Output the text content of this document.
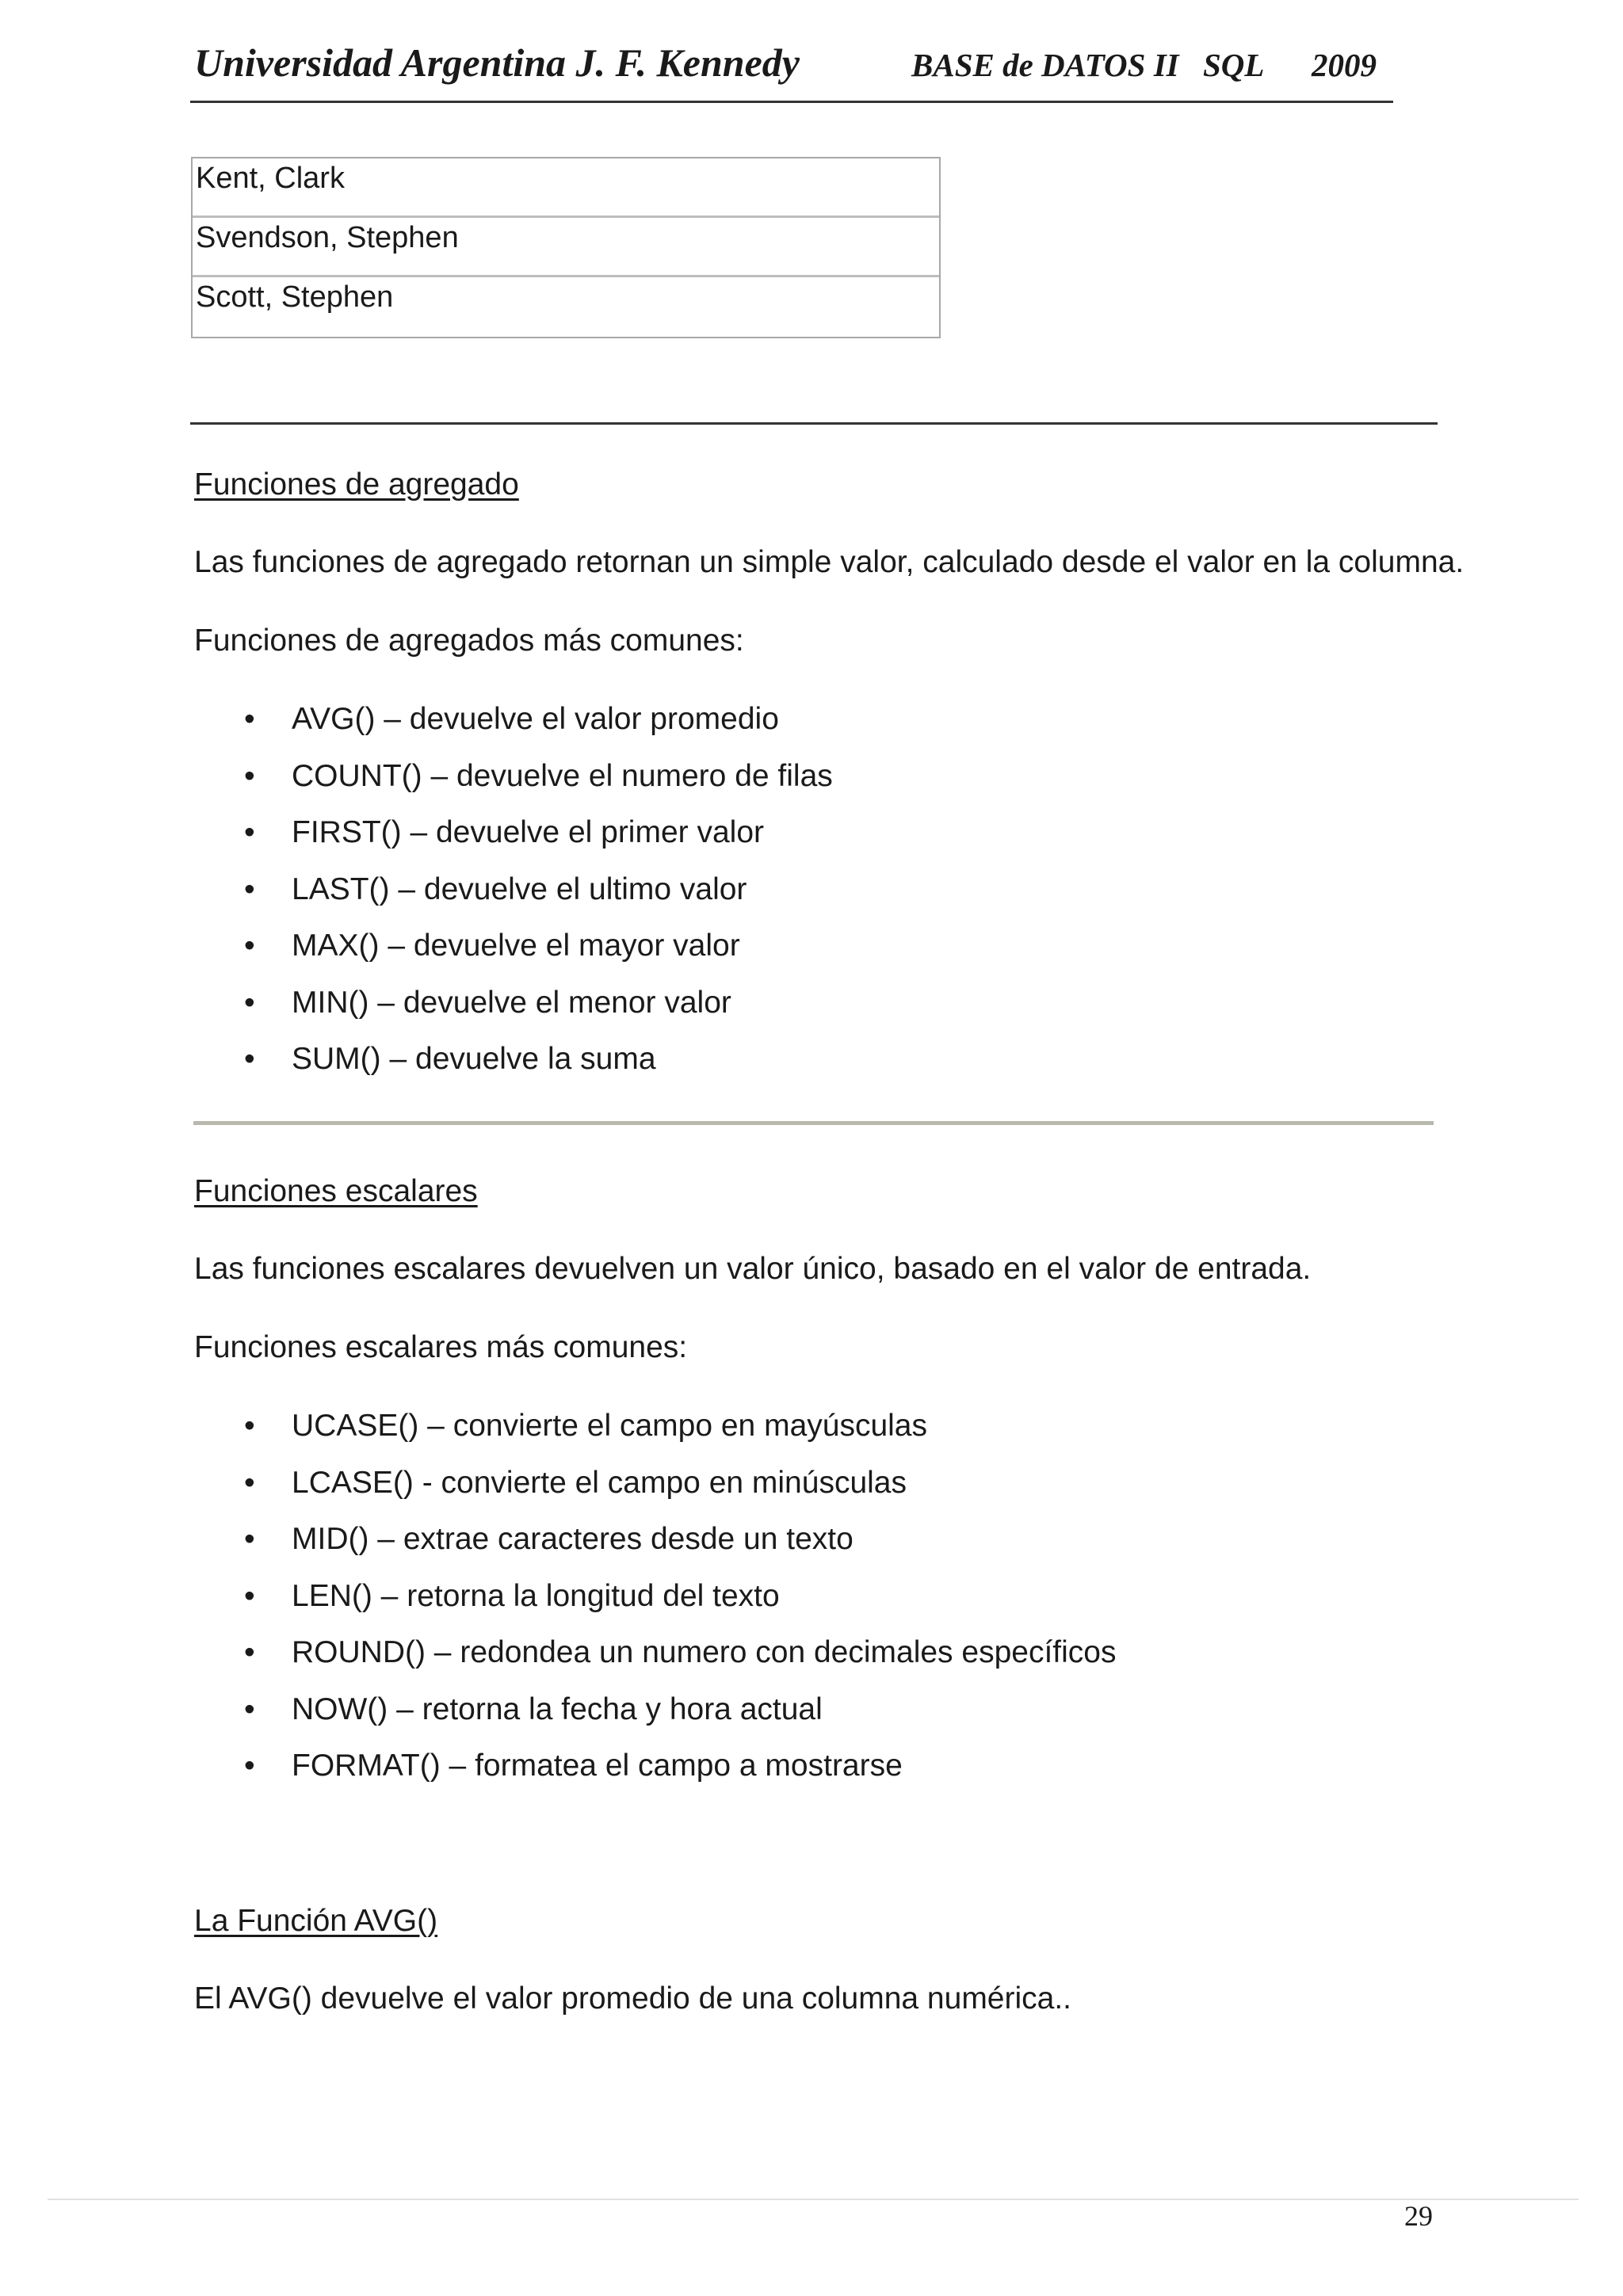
Universidad Argentina J. F. Kennedy	BASE de DATOS II SQL 2009
Kent, Clark
Svendson, Stephen
Scott, Stephen
Funciones de agregado
Las funciones de agregado retornan un simple valor, calculado desde el valor en la columna.
Funciones de agregados más comunes:
•	AVG() – devuelve el valor promedio
•	COUNT() – devuelve el numero de filas
•	FIRST() – devuelve el primer valor
•	LAST() – devuelve el ultimo valor
•	MAX() – devuelve el mayor valor
•	MIN() – devuelve el menor valor
•	SUM() – devuelve la suma
Funciones escalares
Las funciones escalares devuelven un valor único, basado en el valor de entrada.
Funciones escalares más comunes:
•	UCASE() – convierte el campo en mayúsculas
•	LCASE() - convierte el campo en minúsculas
•	MID() – extrae caracteres desde un texto
•	LEN() – retorna la longitud del texto
•	ROUND() – redondea un numero con decimales específicos
•	NOW() – retorna la fecha y hora actual
•	FORMAT() – formatea el campo a mostrarse
La Función AVG()
El AVG() devuelve el valor promedio de una columna numérica..
29
